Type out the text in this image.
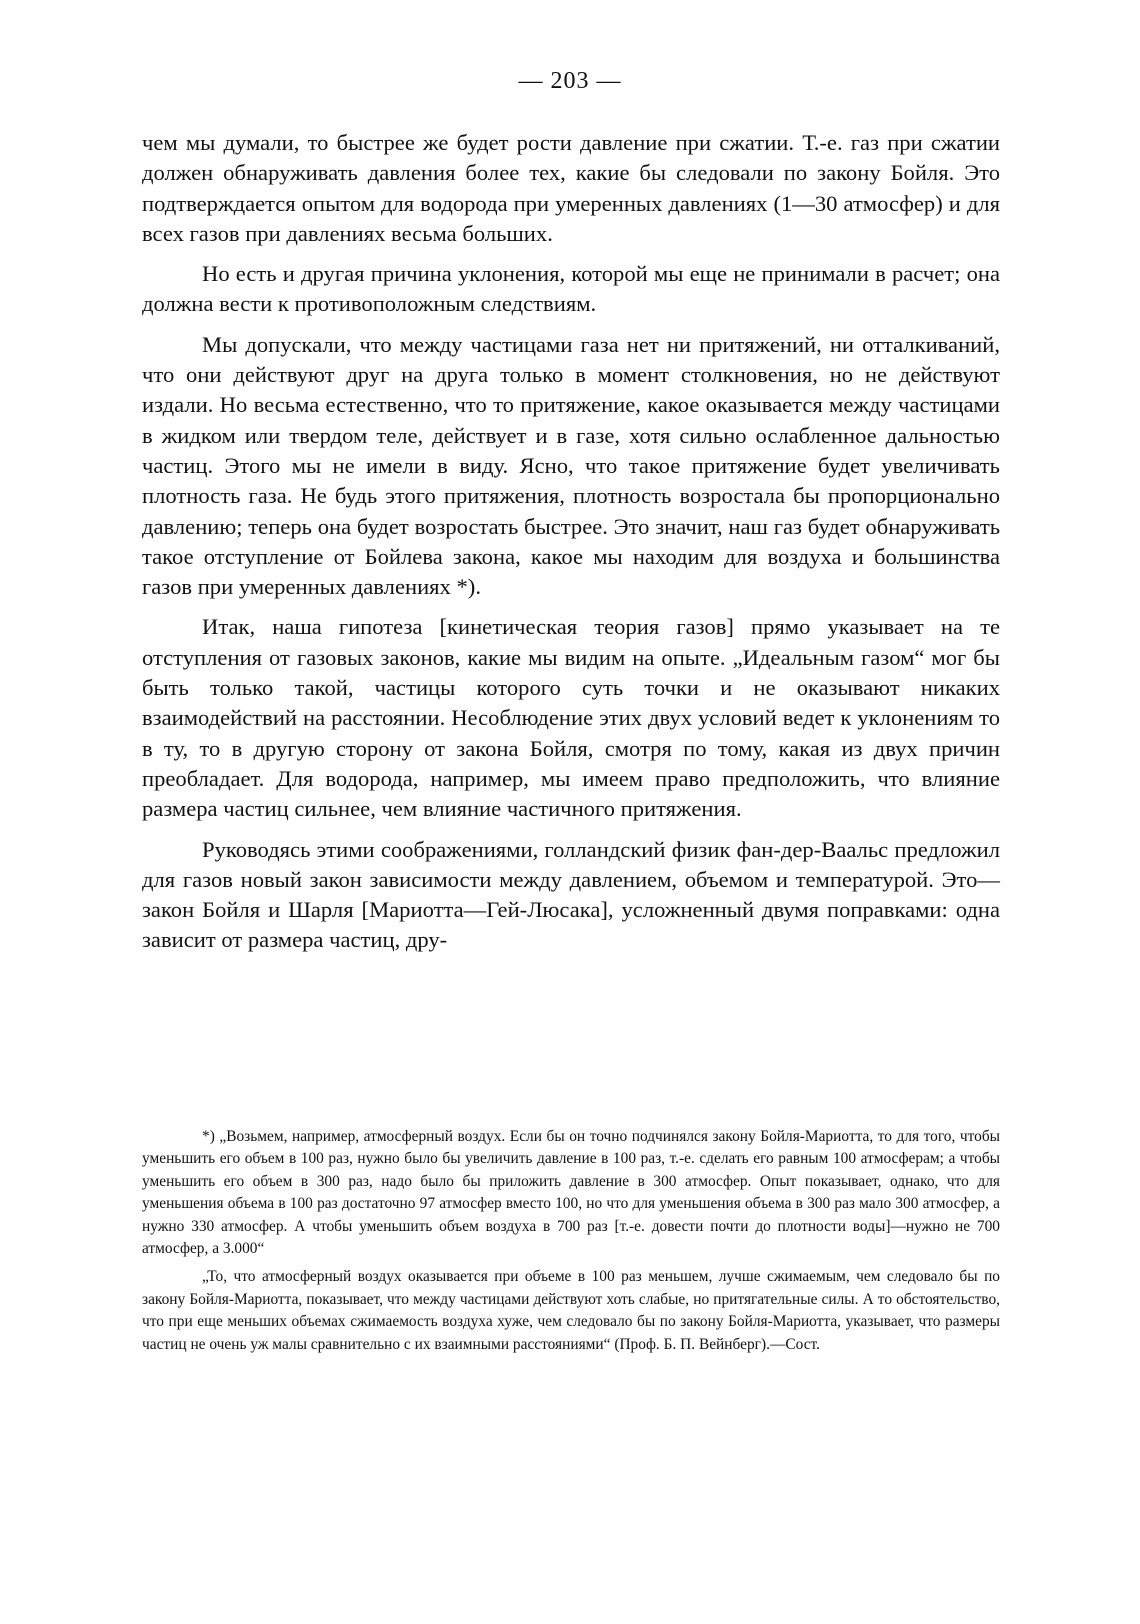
— 203 —

чем мы думали, то быстрее же будет рости давление при сжатии. Т.-е. газ при сжатии должен обнаруживать давления более тех, какие бы следовали по закону Бойля. Это подтверждается опытом для водорода при умеренных давлениях (1—30 атмосфер) и для всех газов при давлениях весьма больших.

Но есть и другая причина уклонения, которой мы еще не принимали в расчет; она должна вести к противоположным следствиям.

Мы допускали, что между частицами газа нет ни притяжений, ни отталкиваний, что они действуют друг на друга только в момент столкновения, но не действуют издали. Но весьма естественно, что то притяжение, какое оказывается между частицами в жидком или твердом теле, действует и в газе, хотя сильно ослабленное дальностью частиц. Этого мы не имели в виду. Ясно, что такое притяжение будет увеличивать плотность газа. Не будь этого притяжения, плотность возростала бы пропорционально давлению; теперь она будет возростать быстрее. Это значит, наш газ будет обнаруживать такое отступление от Бойлева закона, какое мы находим для воздуха и большинства газов при умеренных давлениях *).

Итак, наша гипотеза [кинетическая теория газов] прямо указывает на те отступления от газовых законов, какие мы видим на опыте. „Идеальным газом“ мог бы быть только такой, частицы которого суть точки и не оказывают никаких взаимодействий на расстоянии. Несоблюдение этих двух условий ведет к уклонениям то в ту, то в другую сторону от закона Бойля, смотря по тому, какая из двух причин преобладает. Для водорода, например, мы имеем право предположить, что влияние размера частиц сильнее, чем влияние частичного притяжения.

Руководясь этими соображениями, голландский физик фан-дер-Ваальс предложил для газов новый закон зависимости между давлением, объемом и температурой. Это—закон Бойля и Шарля [Мариотта—Гей-Люсака], усложненный двумя поправками: одна зависит от размера частиц, дру-

*) „Возьмем, например, атмосферный воздух. Если бы он точно подчинялся закону Бойля-Мариотта, то для того, чтобы уменьшить его объем в 100 раз, нужно было бы увеличить давление в 100 раз, т.-е. сделать его равным 100 атмосферам; а чтобы уменьшить его объем в 300 раз, надо было бы приложить давление в 300 атмосфер. Опыт показывает, однако, что для уменьшения объема в 100 раз достаточно 97 атмосфер вместо 100, но что для уменьшения объема в 300 раз мало 300 атмосфер, а нужно 330 атмосфер. А чтобы уменьшить объем воздуха в 700 раз [т.-е. довести почти до плотности воды]—нужно не 700 атмосфер, а 3.000“

„То, что атмосферный воздух оказывается при объеме в 100 раз меньшем, лучше сжимаемым, чем следовало бы по закону Бойля-Мариотта, показывает, что между частицами действуют хоть слабые, но притягательные силы. А то обстоятельство, что при еще меньших объемах сжимаемость воздуха хуже, чем следовало бы по закону Бойля-Мариотта, указывает, что размеры частиц не очень уж малы сравнительно с их взаимными расстояниями“ (Проф. Б. П. Вейнберг).—Сост.
